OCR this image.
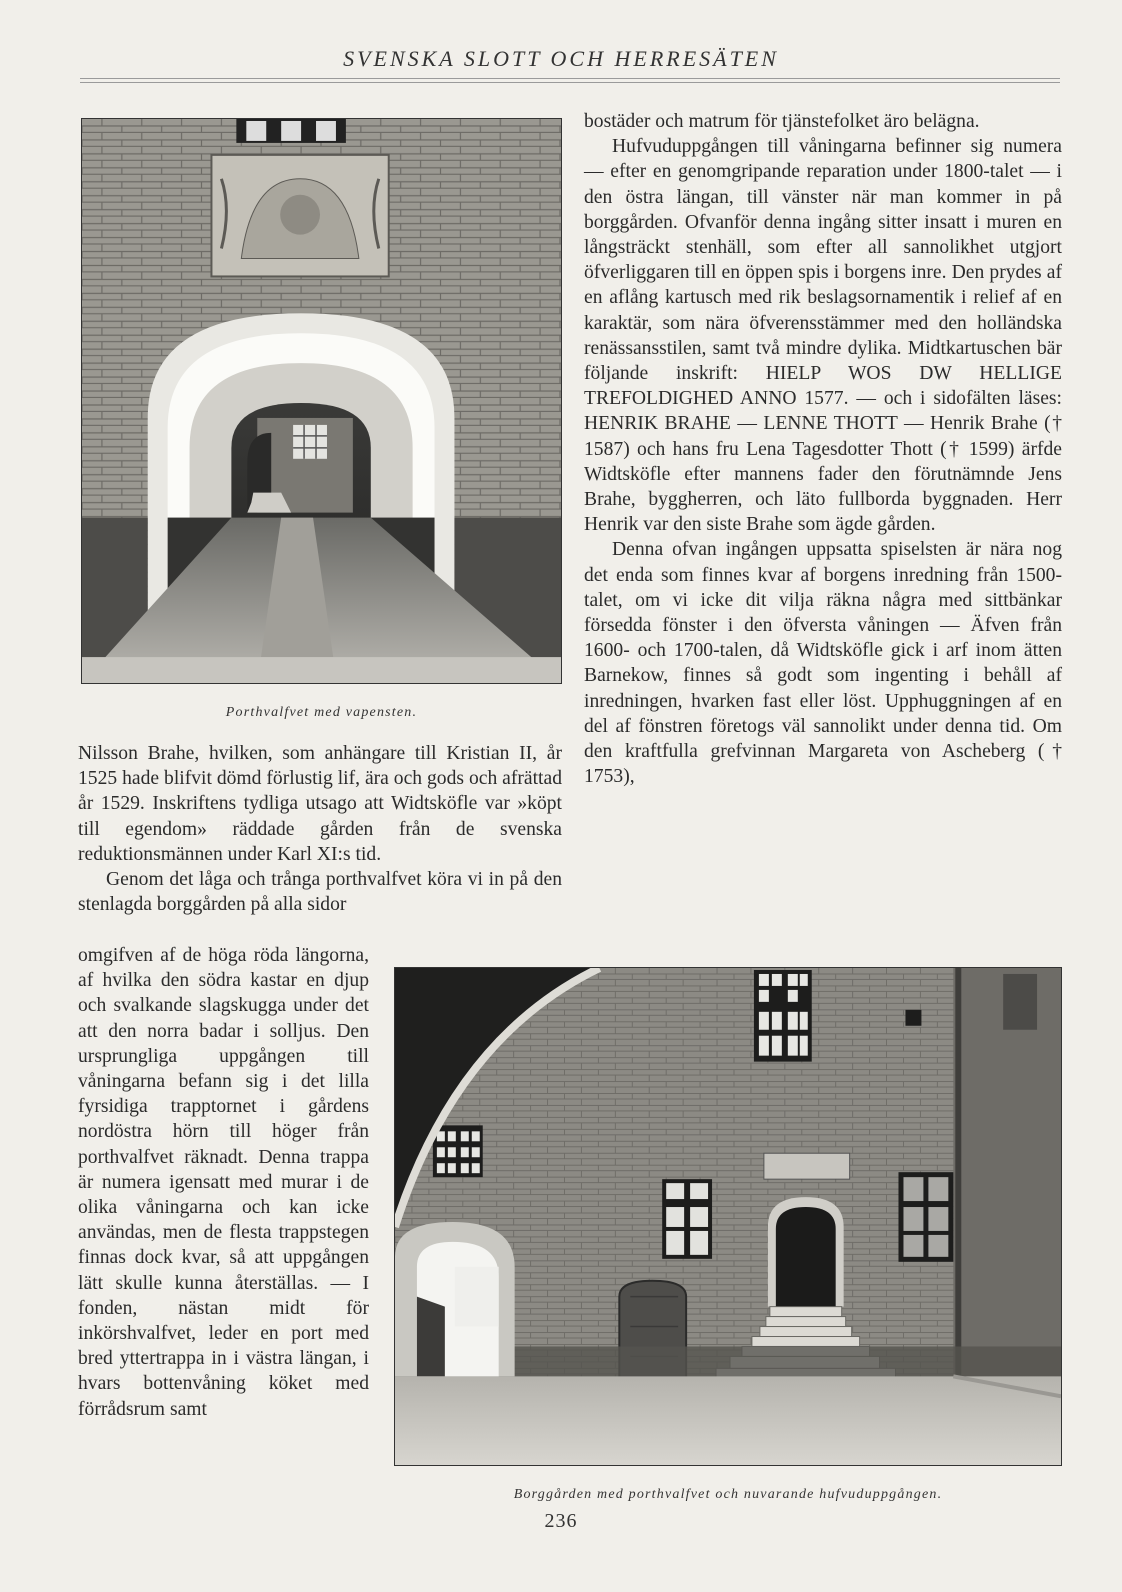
SVENSKA SLOTT OCH HERRESÄTEN
Porthvalfvet med vapensten.
Borggården med porthvalfvet och nuvarande hufvuduppgången.

bostäder och matrum för tjänstefolket äro belägna.

Hufvuduppgången till våningarna befinner sig numera — efter en genomgripande reparation under 1800-talet — i den östra längan, till vänster när man kommer in på borggården. Ofvanför denna ingång sitter insatt i muren en långsträckt stenhäll, som efter all sannolikhet utgjort öfverliggaren till en öppen spis i borgens inre. Den prydes af en aflång kartusch med rik beslagsornamentik i relief af en karaktär, som nära öfverensstämmer med den holländska renässansstilen, samt två mindre dylika. Midtkartuschen bär följande inskrift: HIELP WOS DW HELLIGE TREFOLDIGHED ANNO 1577. — och i sidofälten läses: HENRIK BRAHE — LENNE THOTT — Henrik Brahe († 1587) och hans fru Lena Tagesdotter Thott († 1599) ärfde Widtsköfle efter mannens fader den förutnämnde Jens Brahe, byggherren, och läto fullborda byggnaden. Herr Henrik var den siste Brahe som ägde gården.

Denna ofvan ingången uppsatta spiselsten är nära nog det enda som finnes kvar af borgens inredning från 1500-talet, om vi icke dit vilja räkna några med sittbänkar försedda fönster i den öfversta våningen — Äfven från 1600- och 1700-talen, då Widtsköfle gick i arf inom ätten Barnekow, finnes så godt som ingenting i behåll af inredningen, hvarken fast eller löst. Upphuggningen af en del af fönstren företogs väl sannolikt under denna tid. Om den kraftfulla grefvinnan Margareta von Ascheberg († 1753),

Nilsson Brahe, hvilken, som anhängare till Kristian II, år 1525 hade blifvit dömd förlustig lif, ära och gods och afrättad år 1529. Inskriftens tydliga utsago att Widtsköfle var »köpt till egendom» räddade gården från de svenska reduktionsmännen under Karl XI:s tid.

Genom det låga och trånga porthvalfvet köra vi in på den stenlagda borggården på alla sidor

omgifven af de höga röda längorna, af hvilka den södra kastar en djup och svalkande slagskugga under det att den norra badar i solljus. Den ursprungliga uppgången till våningarna befann sig i det lilla fyrsidiga trapptornet i gårdens nordöstra hörn till höger från porthvalfvet räknadt. Denna trappa är numera igensatt med murar i de olika våningarna och kan icke användas, men de flesta trappstegen finnas dock kvar, så att uppgången lätt skulle kunna återställas. — I fonden, nästan midt för inkörshvalfvet, leder en port med bred yttertrappa in i västra längan, i hvars bottenvåning köket med förrådsrum samt

236
